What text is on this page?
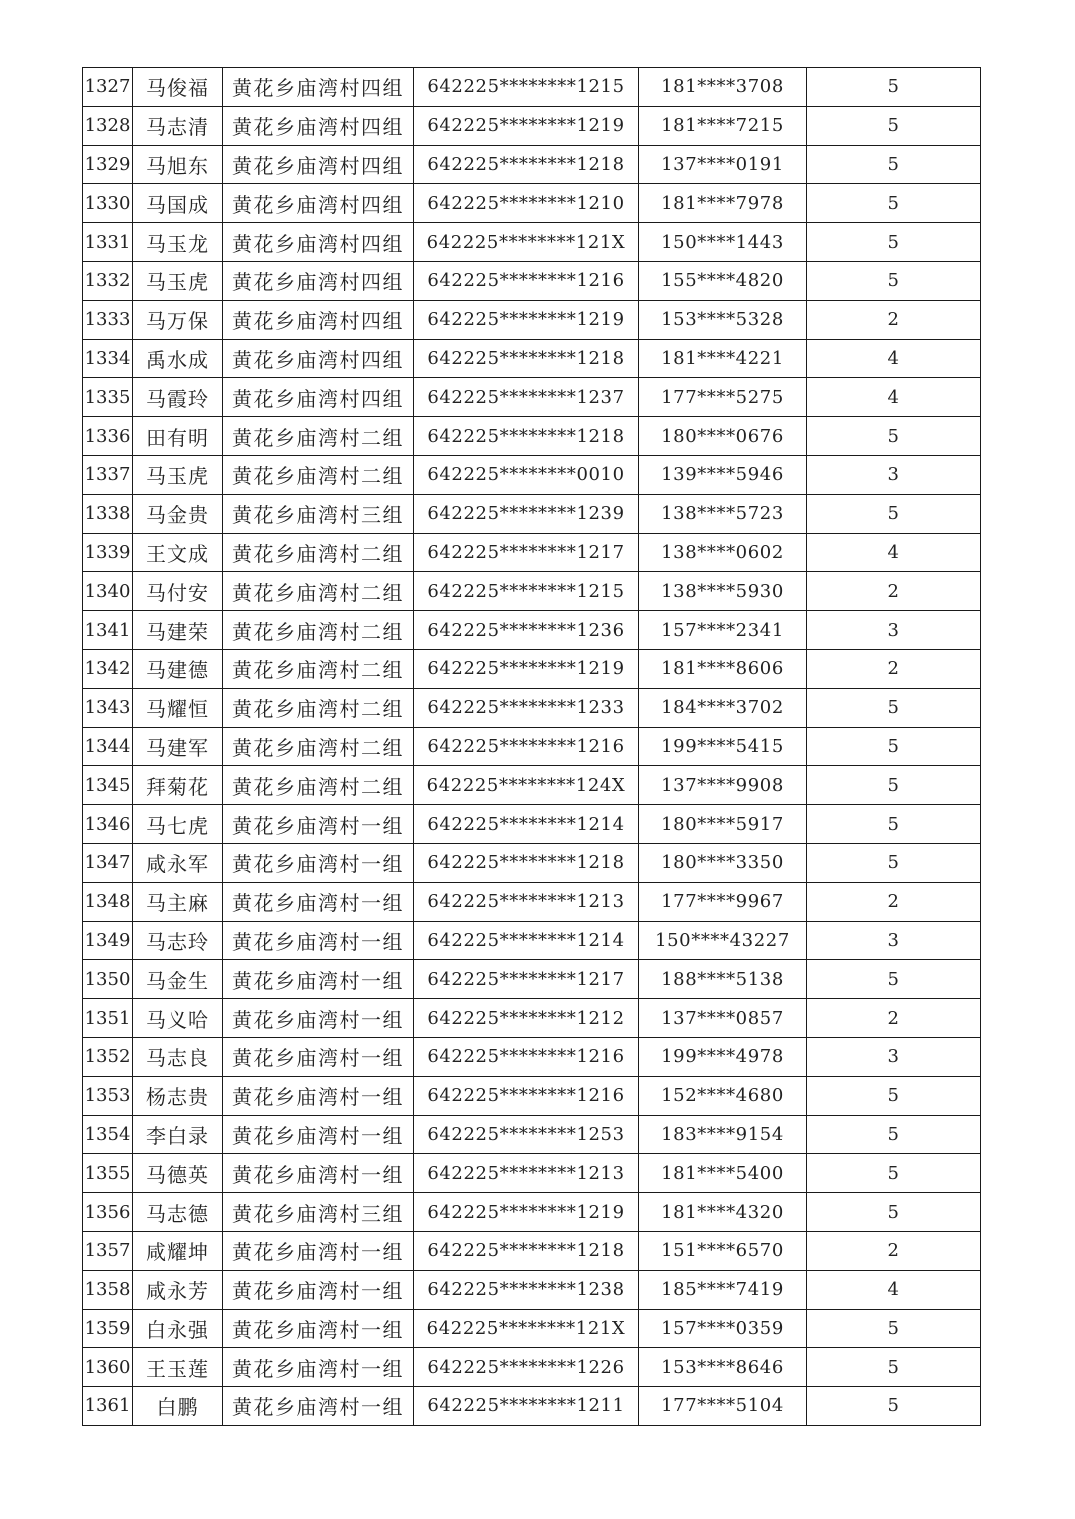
1327	马俊福	黄花乡庙湾村四组	642225********1215	181****3708	5
1328	马志清	黄花乡庙湾村四组	642225********1219	181****7215	5
1329	马旭东	黄花乡庙湾村四组	642225********1218	137****0191	5
1330	马国成	黄花乡庙湾村四组	642225********1210	181****7978	5
1331	马玉龙	黄花乡庙湾村四组	642225********121X	150****1443	5
1332	马玉虎	黄花乡庙湾村四组	642225********1216	155****4820	5
1333	马万保	黄花乡庙湾村四组	642225********1219	153****5328	2
1334	禹水成	黄花乡庙湾村四组	642225********1218	181****4221	4
1335	马霞玲	黄花乡庙湾村四组	642225********1237	177****5275	4
1336	田有明	黄花乡庙湾村二组	642225********1218	180****0676	5
1337	马玉虎	黄花乡庙湾村二组	642225********0010	139****5946	3
1338	马金贵	黄花乡庙湾村三组	642225********1239	138****5723	5
1339	王文成	黄花乡庙湾村二组	642225********1217	138****0602	4
1340	马付安	黄花乡庙湾村二组	642225********1215	138****5930	2
1341	马建荣	黄花乡庙湾村二组	642225********1236	157****2341	3
1342	马建德	黄花乡庙湾村二组	642225********1219	181****8606	2
1343	马耀恒	黄花乡庙湾村二组	642225********1233	184****3702	5
1344	马建军	黄花乡庙湾村二组	642225********1216	199****5415	5
1345	拜菊花	黄花乡庙湾村二组	642225********124X	137****9908	5
1346	马七虎	黄花乡庙湾村一组	642225********1214	180****5917	5
1347	咸永军	黄花乡庙湾村一组	642225********1218	180****3350	5
1348	马主麻	黄花乡庙湾村一组	642225********1213	177****9967	2
1349	马志玲	黄花乡庙湾村一组	642225********1214	150****43227	3
1350	马金生	黄花乡庙湾村一组	642225********1217	188****5138	5
1351	马义哈	黄花乡庙湾村一组	642225********1212	137****0857	2
1352	马志良	黄花乡庙湾村一组	642225********1216	199****4978	3
1353	杨志贵	黄花乡庙湾村一组	642225********1216	152****4680	5
1354	李白录	黄花乡庙湾村一组	642225********1253	183****9154	5
1355	马德英	黄花乡庙湾村一组	642225********1213	181****5400	5
1356	马志德	黄花乡庙湾村三组	642225********1219	181****4320	5
1357	咸耀坤	黄花乡庙湾村一组	642225********1218	151****6570	2
1358	咸永芳	黄花乡庙湾村一组	642225********1238	185****7419	4
1359	白永强	黄花乡庙湾村一组	642225********121X	157****0359	5
1360	王玉莲	黄花乡庙湾村一组	642225********1226	153****8646	5
1361	白鹏	黄花乡庙湾村一组	642225********1211	177****5104	5
